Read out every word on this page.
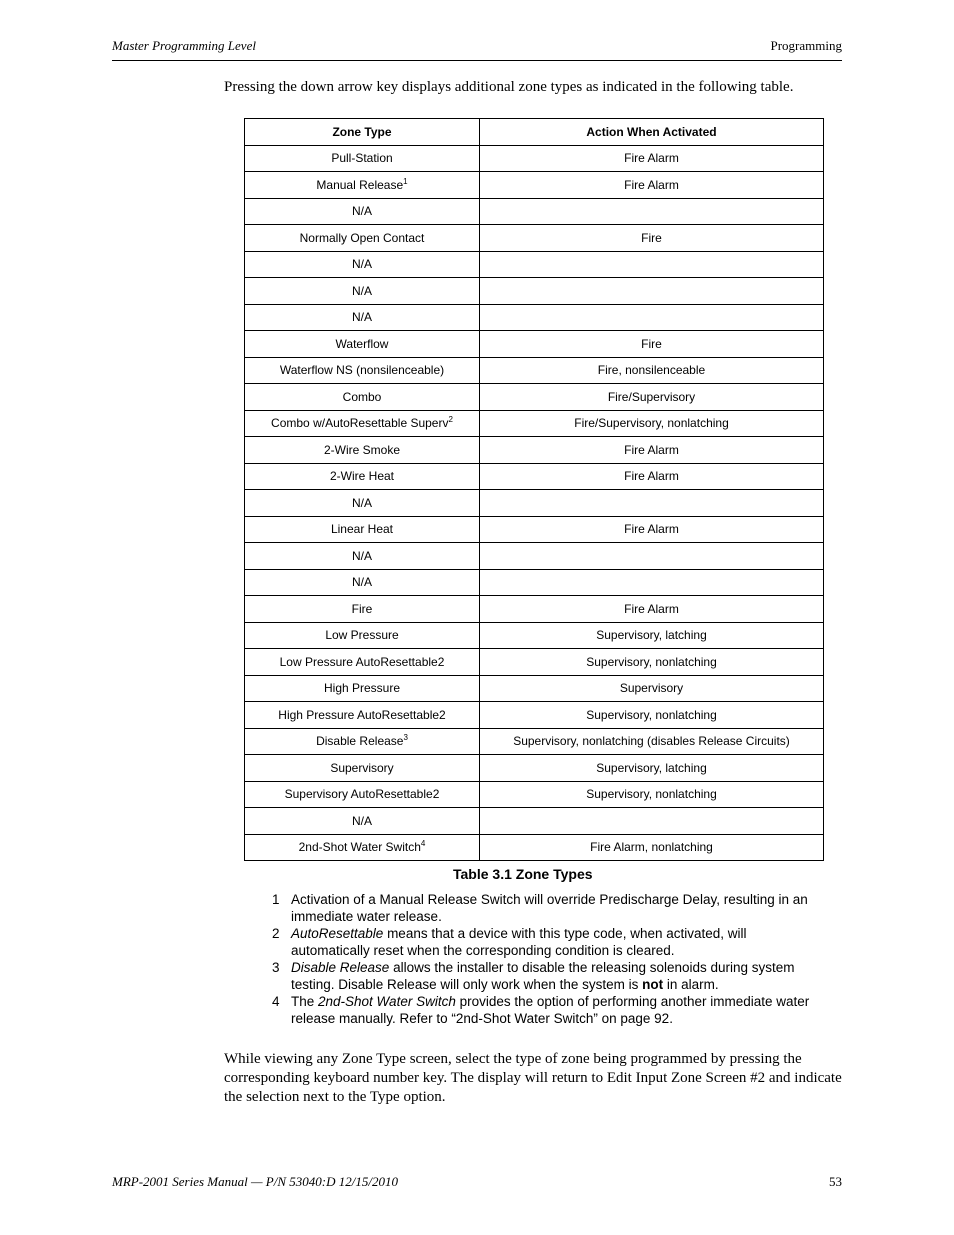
Master Programming Level	Programming

Pressing the down arrow key displays additional zone types as indicated in the following table.

Zone Type	Action When Activated
Pull-Station	Fire Alarm
Manual Release$^1$	Fire Alarm
N/A	
Normally Open Contact	Fire
N/A	
N/A	
N/A	
Waterflow	Fire
Waterflow NS (nonsilenceable)	Fire, nonsilenceable
Combo	Fire/Supervisory
Combo w/AutoResettable Superv$^2$	Fire/Supervisory, nonlatching
2-Wire Smoke	Fire Alarm
2-Wire Heat	Fire Alarm
N/A	
Linear Heat	Fire Alarm
N/A	
N/A	
Fire	Fire Alarm
Low Pressure	Supervisory, latching
Low Pressure AutoResettable2	Supervisory, nonlatching
High Pressure	Supervisory
High Pressure AutoResettable2	Supervisory, nonlatching
Disable Release$^3$	Supervisory, nonlatching (disables Release Circuits)
Supervisory	Supervisory, latching
Supervisory AutoResettable2	Supervisory, nonlatching
N/A	
2nd-Shot Water Switch$^4$	Fire Alarm, nonlatching
Table 3.1 Zone Types
1 Activation of a Manual Release Switch will override Predischarge Delay, resulting in an immediate water release.
2 AutoResettable means that a device with this type code, when activated, will automatically reset when the corresponding condition is cleared.
3 Disable Release allows the installer to disable the releasing solenoids during system testing. Disable Release will only work when the system is not in alarm.
4 The 2nd-Shot Water Switch provides the option of performing another immediate water release manually. Refer to “2nd-Shot Water Switch” on page 92.

While viewing any Zone Type screen, select the type of zone being programmed by pressing the corresponding keyboard number key. The display will return to Edit Input Zone Screen #2 and indicate the selection next to the Type option.

MRP-2001 Series Manual — P/N 53040:D 12/15/2010	53
